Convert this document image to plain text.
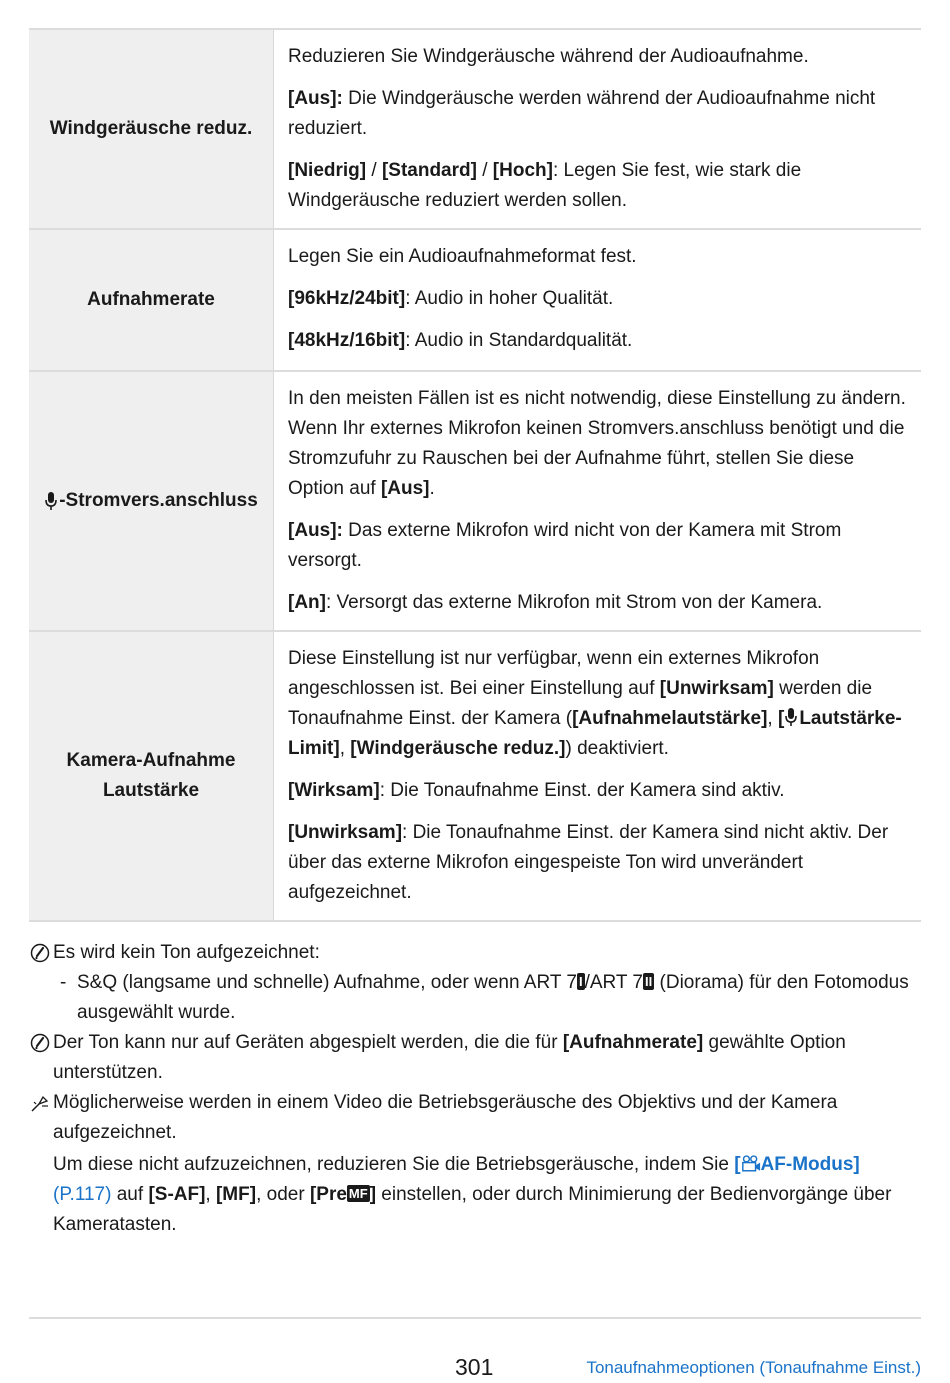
Windgeräusche reduz.

Reduzieren Sie Windgeräusche während der Audioaufnahme.

[Aus]: Die Windgeräusche werden während der Audioaufnahme nicht reduziert.

[Niedrig] / [Standard] / [Hoch]: Legen Sie fest, wie stark die Windgeräusche reduziert werden sollen.

Aufnahmerate

Legen Sie ein Audioaufnahmeformat fest.

[96kHz/24bit]: Audio in hoher Qualität.

[48kHz/16bit]: Audio in Standardqualität.

-Stromvers.anschluss

In den meisten Fällen ist es nicht notwendig, diese Einstellung zu ändern. Wenn Ihr externes Mikrofon keinen Stromvers.anschluss benötigt und die Stromzufuhr zu Rauschen bei der Aufnahme führt, stellen Sie diese Option auf [Aus].

[Aus]: Das externe Mikrofon wird nicht von der Kamera mit Strom versorgt.

[An]: Versorgt das externe Mikrofon mit Strom von der Kamera.

Kamera-Aufnahme Lautstärke

Diese Einstellung ist nur verfügbar, wenn ein externes Mikrofon angeschlossen ist. Bei einer Einstellung auf [Unwirksam] werden die Tonaufnahme Einst. der Kamera ([Aufnahmelautstärke], [ Lautstärke-Limit], [Windgeräusche reduz.]) deaktiviert.

[Wirksam]: Die Tonaufnahme Einst. der Kamera sind aktiv.

[Unwirksam]: Die Tonaufnahme Einst. der Kamera sind nicht aktiv. Der über das externe Mikrofon eingespeiste Ton wird unverändert aufgezeichnet.

Es wird kein Ton aufgezeichnet:
- S&Q (langsame und schnelle) Aufnahme, oder wenn ART 7 I /ART 7 II (Diorama) für den Fotomodus ausgewählt wurde.
Der Ton kann nur auf Geräten abgespielt werden, die die für [Aufnahmerate] gewählte Option unterstützen.
Möglicherweise werden in einem Video die Betriebsgeräusche des Objektivs und der Kamera aufgezeichnet.
Um diese nicht aufzuzeichnen, reduzieren Sie die Betriebsgeräusche, indem Sie [ AF-Modus]
(P.117) auf [S-AF], [MF], oder [Pre MF ] einstellen, oder durch Minimierung der Bedienvorgänge über Kameratasten.
301	Tonaufnahmeoptionen (Tonaufnahme Einst.)
